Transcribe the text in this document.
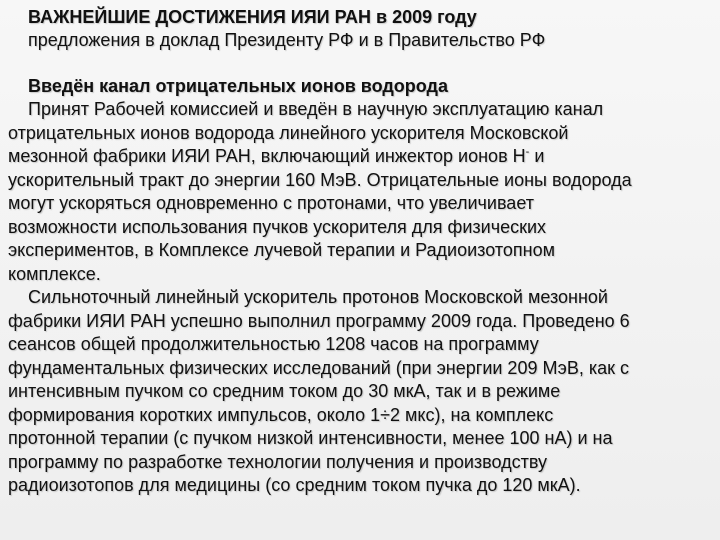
ВАЖНЕЙШИЕ ДОСТИЖЕНИЯ ИЯИ РАН в 2009 году
предложения в доклад Президенту РФ и в Правительство РФ
Введён канал отрицательных ионов водорода
Принят Рабочей комиссией и введён в научную эксплуатацию канал
отрицательных ионов водорода линейного ускорителя Московской
мезонной фабрики ИЯИ РАН, включающий инжектор ионов Н- и
ускорительный тракт до энергии 160 МэВ. Отрицательные ионы водорода
могут ускоряться одновременно с протонами, что увеличивает
возможности использования пучков ускорителя для физических
экспериментов, в Комплексе лучевой терапии и Радиоизотопном
комплексе.
Сильноточный линейный ускоритель протонов Московской мезонной
фабрики ИЯИ РАН успешно выполнил программу 2009 года. Проведено 6
сеансов общей продолжительностью 1208 часов на программу
фундаментальных физических исследований (при энергии 209 МэВ, как с
интенсивным пучком со средним током до 30 мкА, так и в режиме
формирования коротких импульсов, около 1÷2 мкс), на комплекс
протонной терапии (с пучком низкой интенсивности, менее 100 нА) и на
программу по разработке технологии получения и производству
радиоизотопов для медицины (со средним током пучка до 120 мкА).
